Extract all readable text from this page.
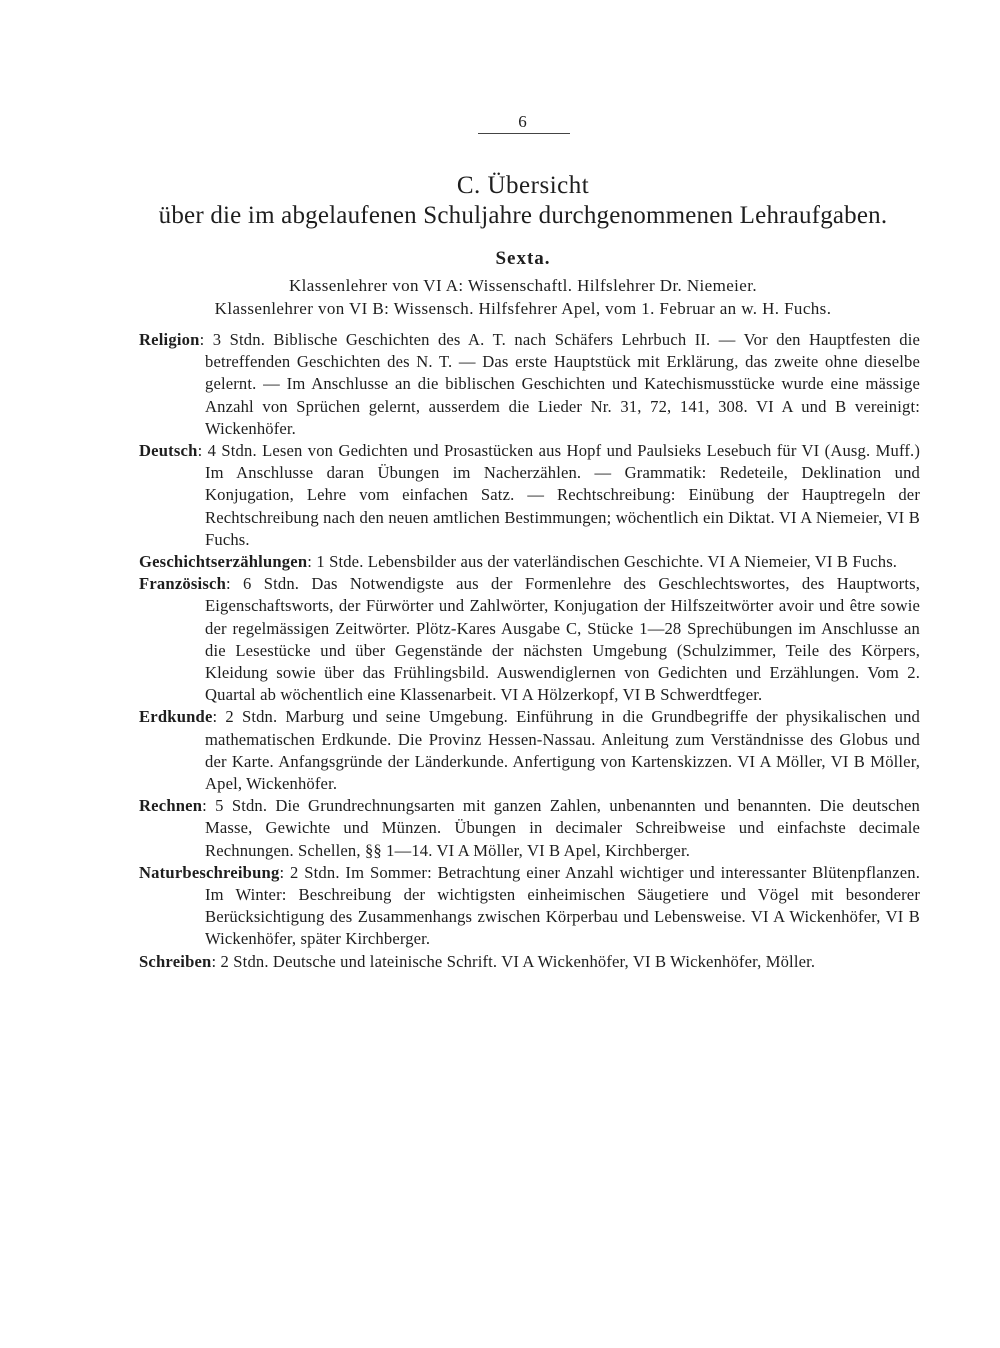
6
C. Übersicht
über die im abgelaufenen Schuljahre durchgenommenen Lehraufgaben.
Sexta.
Klassenlehrer von VI A: Wissenschaftl. Hilfslehrer Dr. Niemeier.
Klassenlehrer von VI B: Wissensch. Hilfsfehrer Apel, vom 1. Februar an w. H. Fuchs.

Religion: 3 Stdn. Biblische Geschichten des A. T. nach Schäfers Lehrbuch II. — Vor den Hauptfesten die betreffenden Geschichten des N. T. — Das erste Hauptstück mit Erklärung, das zweite ohne dieselbe gelernt. — Im Anschlusse an die biblischen Geschichten und Katechismusstücke wurde eine mässige Anzahl von Sprüchen gelernt, ausserdem die Lieder Nr. 31, 72, 141, 308. VI A und B vereinigt: Wickenhöfer.

Deutsch: 4 Stdn. Lesen von Gedichten und Prosastücken aus Hopf und Paulsieks Lesebuch für VI (Ausg. Muff.) Im Anschlusse daran Übungen im Nacherzählen. — Grammatik: Redeteile, Deklination und Konjugation, Lehre vom einfachen Satz. — Rechtschreibung: Einübung der Hauptregeln der Rechtschreibung nach den neuen amtlichen Bestimmungen; wöchentlich ein Diktat. VI A Niemeier, VI B Fuchs.

Geschichtserzählungen: 1 Stde. Lebensbilder aus der vaterländischen Geschichte. VI A Niemeier, VI B Fuchs.

Französisch: 6 Stdn. Das Notwendigste aus der Formenlehre des Geschlechtswortes, des Hauptworts, Eigenschaftsworts, der Fürwörter und Zahlwörter, Konjugation der Hilfszeitwörter avoir und être sowie der regelmässigen Zeitwörter. Plötz-Kares Ausgabe C, Stücke 1—28 Sprechübungen im Anschlusse an die Lesestücke und über Gegenstände der nächsten Umgebung (Schulzimmer, Teile des Körpers, Kleidung sowie über das Frühlingsbild. Auswendiglernen von Gedichten und Erzählungen. Vom 2. Quartal ab wöchentlich eine Klassenarbeit. VI A Hölzerkopf, VI B Schwerdtfeger.

Erdkunde: 2 Stdn. Marburg und seine Umgebung. Einführung in die Grundbegriffe der physikalischen und mathematischen Erdkunde. Die Provinz Hessen-Nassau. Anleitung zum Verständnisse des Globus und der Karte. Anfangsgründe der Länderkunde. Anfertigung von Kartenskizzen. VI A Möller, VI B Möller, Apel, Wickenhöfer.

Rechnen: 5 Stdn. Die Grundrechnungsarten mit ganzen Zahlen, unbenannten und benannten. Die deutschen Masse, Gewichte und Münzen. Übungen in decimaler Schreibweise und einfachste decimale Rechnungen. Schellen, §§ 1—14. VI A Möller, VI B Apel, Kirchberger.

Naturbeschreibung: 2 Stdn. Im Sommer: Betrachtung einer Anzahl wichtiger und interessanter Blütenpflanzen. Im Winter: Beschreibung der wichtigsten einheimischen Säugetiere und Vögel mit besonderer Berücksichtigung des Zusammenhangs zwischen Körperbau und Lebensweise. VI A Wickenhöfer, VI B Wickenhöfer, später Kirchberger.

Schreiben: 2 Stdn. Deutsche und lateinische Schrift. VI A Wickenhöfer, VI B Wickenhöfer, Möller.
